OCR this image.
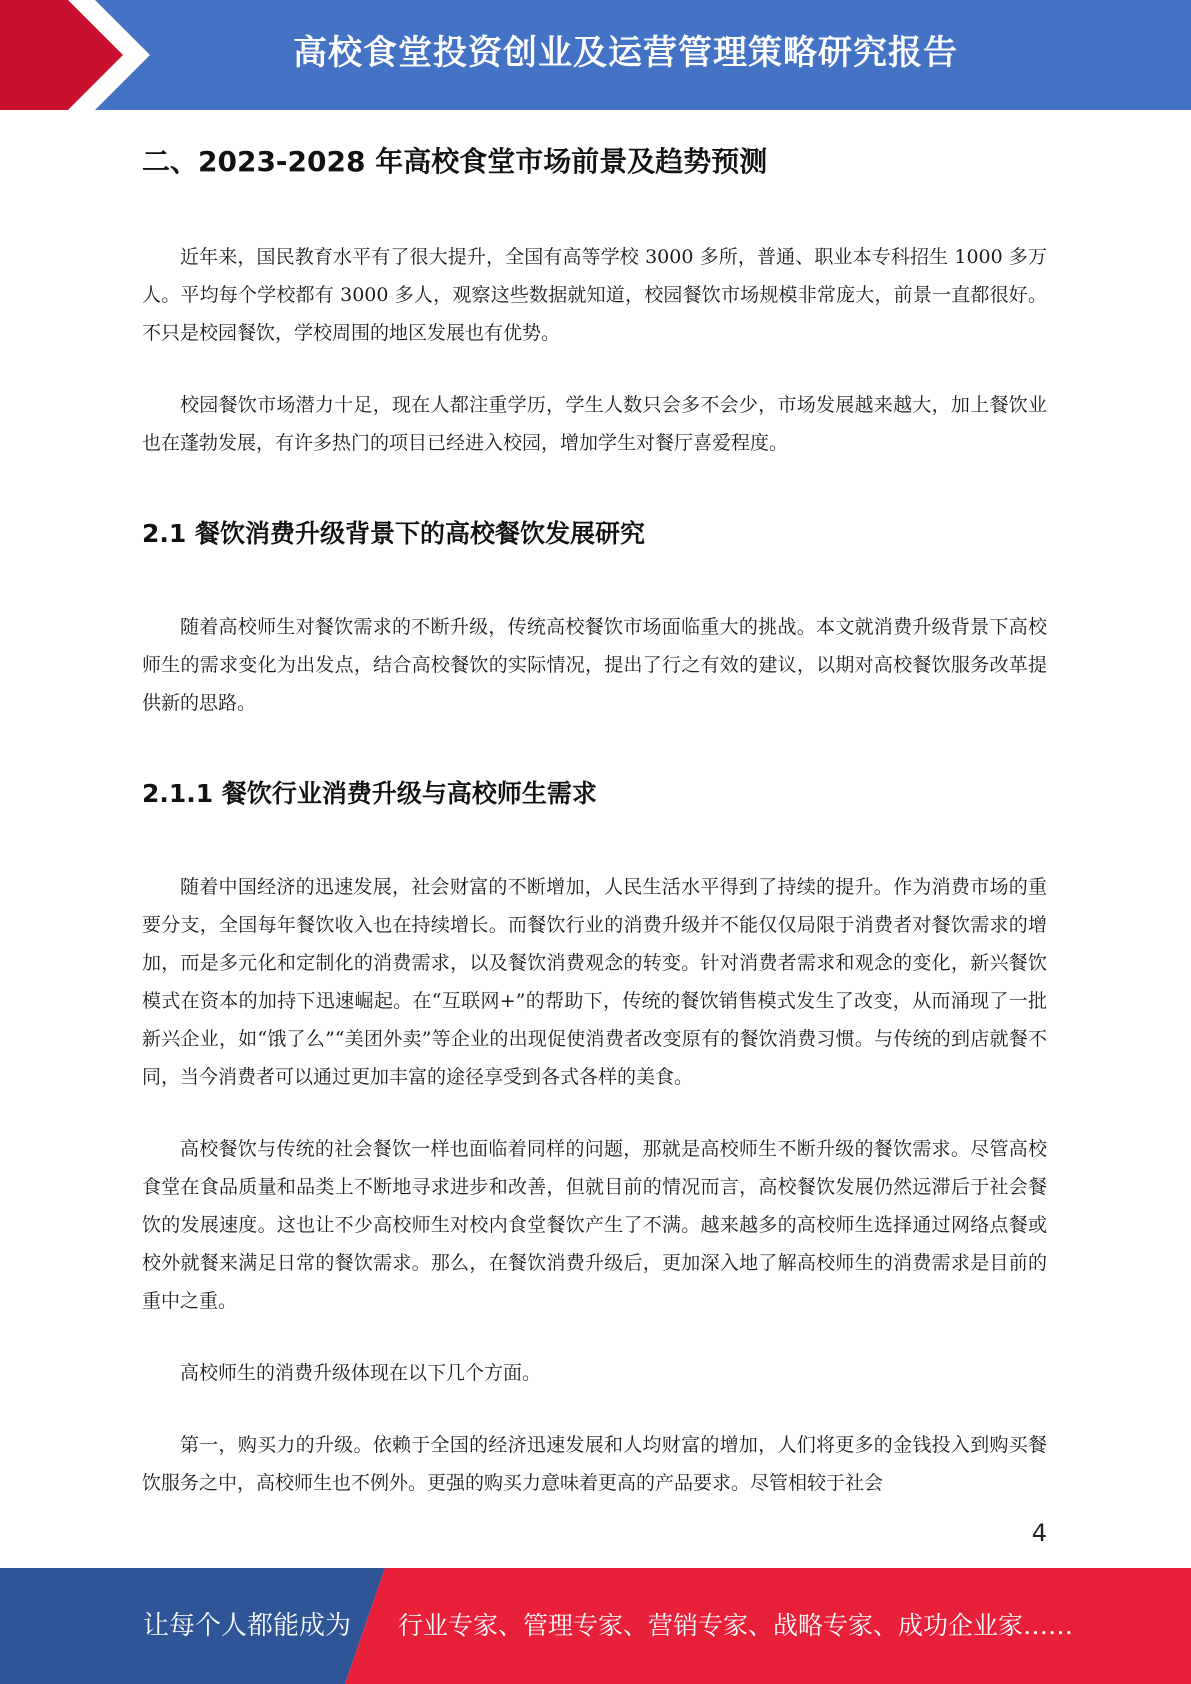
高校食堂投资创业及运营管理策略研究报告
二、2023-2028 年高校食堂市场前景及趋势预测

近年来，国民教育水平有了很大提升，全国有高等学校 3000 多所，普通、职业本专科招生 1000 多万人。平均每个学校都有 3000 多人，观察这些数据就知道，校园餐饮市场规模非常庞大，前景一直都很好。不只是校园餐饮，学校周围的地区发展也有优势。

校园餐饮市场潜力十足，现在人都注重学历，学生人数只会多不会少，市场发展越来越大，加上餐饮业也在蓬勃发展，有许多热门的项目已经进入校园，增加学生对餐厅喜爱程度。

2.1 餐饮消费升级背景下的高校餐饮发展研究

随着高校师生对餐饮需求的不断升级，传统高校餐饮市场面临重大的挑战。本文就消费升级背景下高校师生的需求变化为出发点，结合高校餐饮的实际情况，提出了行之有效的建议，以期对高校餐饮服务改革提供新的思路。

2.1.1 餐饮行业消费升级与高校师生需求

随着中国经济的迅速发展，社会财富的不断增加，人民生活水平得到了持续的提升。作为消费市场的重要分支，全国每年餐饮收入也在持续增长。而餐饮行业的消费升级并不能仅仅局限于消费者对餐饮需求的增加，而是多元化和定制化的消费需求，以及餐饮消费观念的转变。针对消费者需求和观念的变化，新兴餐饮模式在资本的加持下迅速崛起。在“互联网+”的帮助下，传统的餐饮销售模式发生了改变，从而涌现了一批新兴企业，如“饿了么”“美团外卖”等企业的出现促使消费者改变原有的餐饮消费习惯。与传统的到店就餐不同，当今消费者可以通过更加丰富的途径享受到各式各样的美食。

高校餐饮与传统的社会餐饮一样也面临着同样的问题，那就是高校师生不断升级的餐饮需求。尽管高校食堂在食品质量和品类上不断地寻求进步和改善，但就目前的情况而言，高校餐饮发展仍然远滞后于社会餐饮的发展速度。这也让不少高校师生对校内食堂餐饮产生了不满。越来越多的高校师生选择通过网络点餐或校外就餐来满足日常的餐饮需求。那么，在餐饮消费升级后，更加深入地了解高校师生的消费需求是目前的重中之重。

高校师生的消费升级体现在以下几个方面。

第一，购买力的升级。依赖于全国的经济迅速发展和人均财富的增加，人们将更多的金钱投入到购买餐饮服务之中，高校师生也不例外。更强的购买力意味着更高的产品要求。尽管相较于社会

4
让每个人都能成为 行业专家、管理专家、营销专家、战略专家、成功企业家……
